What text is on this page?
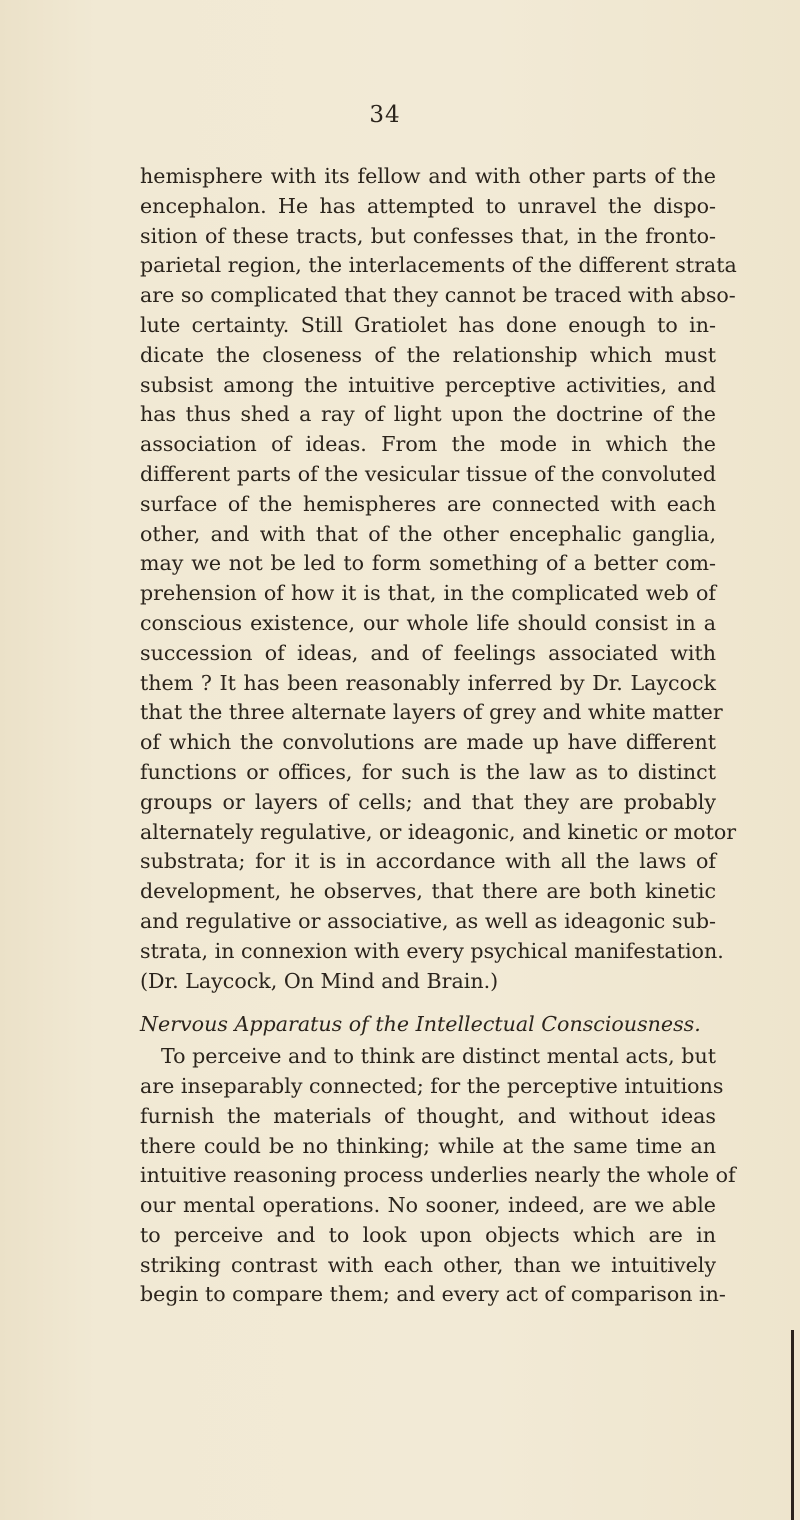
34
hemisphere with its fellow and with other parts of the
encephalon. He has attempted to unravel the dispo-
sition of these tracts, but confesses that, in the fronto-
parietal region, the interlacements of the different strata
are so complicated that they cannot be traced with abso-
lute certainty. Still Gratiolet has done enough to in-
dicate the closeness of the relationship which must
subsist among the intuitive perceptive activities, and
has thus shed a ray of light upon the doctrine of the
association of ideas. From the mode in which the
different parts of the vesicular tissue of the convoluted
surface of the hemispheres are connected with each
other, and with that of the other encephalic ganglia,
may we not be led to form something of a better com-
prehension of how it is that, in the complicated web of
conscious existence, our whole life should consist in a
succession of ideas, and of feelings associated with
them ? It has been reasonably inferred by Dr. Laycock
that the three alternate layers of grey and white matter
of which the convolutions are made up have different
functions or offices, for such is the law as to distinct
groups or layers of cells; and that they are probably
alternately regulative, or ideagonic, and kinetic or motor
substrata; for it is in accordance with all the laws of
development, he observes, that there are both kinetic
and regulative or associative, as well as ideagonic sub-
strata, in connexion with every psychical manifestation.
(Dr. Laycock, On Mind and Brain.)
Nervous Apparatus of the Intellectual Consciousness.
To perceive and to think are distinct mental acts, but
are inseparably connected; for the perceptive intuitions
furnish the materials of thought, and without ideas
there could be no thinking; while at the same time an
intuitive reasoning process underlies nearly the whole of
our mental operations. No sooner, indeed, are we able
to perceive and to look upon objects which are in
striking contrast with each other, than we intuitively
begin to compare them; and every act of comparison in-
